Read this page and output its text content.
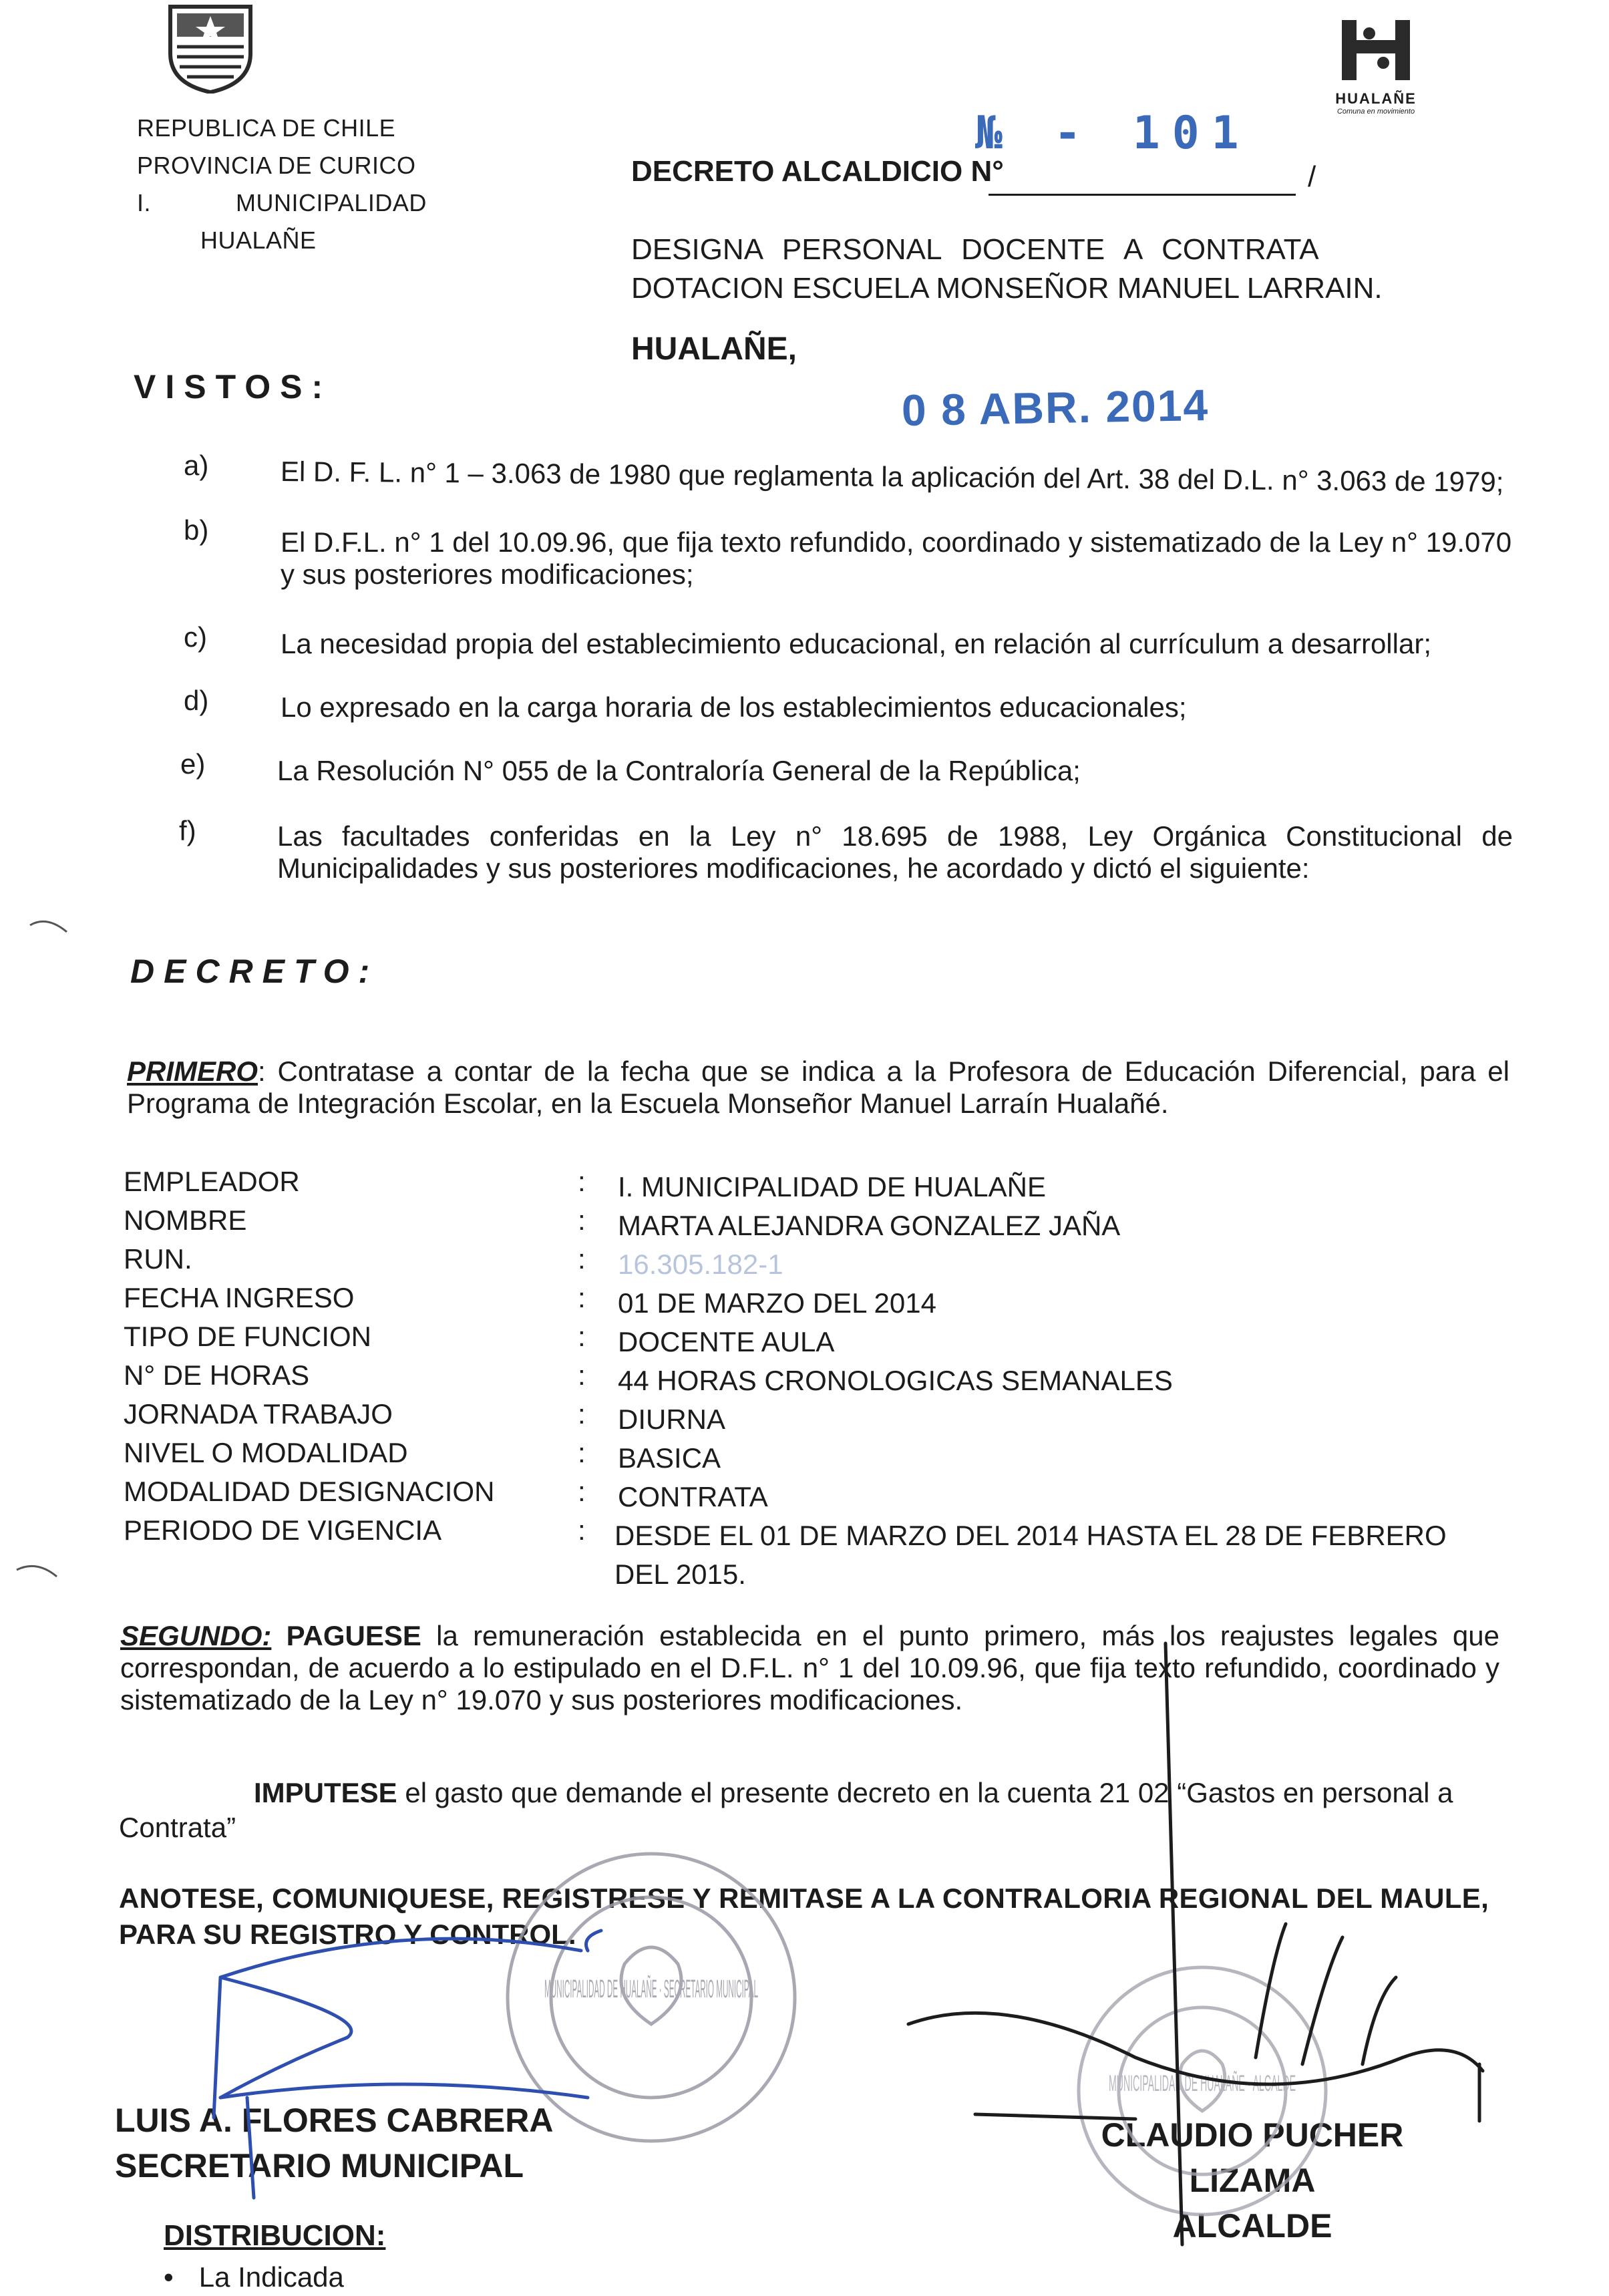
REPUBLICA DE CHILE
PROVINCIA DE CURICO
I.	MUNICIPALIDAD
HUALAÑE
HUALAÑE
Comuna en movimiento
№ - 101
DECRETO ALCALDICIO N°	/
DESIGNA PERSONAL DOCENTE A CONTRATA
DOTACION ESCUELA MONSEÑOR MANUEL LARRAIN.
HUALAÑE,
0 8 ABR. 2014
VISTOS:
a)	El D. F. L. n° 1 – 3.063 de 1980 que reglamenta la aplicación del Art. 38 del D.L. n° 3.063 de 1979;
b)	El D.F.L. n° 1 del 10.09.96, que fija texto refundido, coordinado y sistematizado de la Ley n° 19.070 y sus posteriores modificaciones;
c)	La necesidad propia del establecimiento educacional, en relación al currículum a desarrollar;
d)	Lo expresado en la carga horaria de los establecimientos educacionales;
e)	La Resolución N° 055 de la Contraloría General de la República;
f)	Las facultades conferidas en la Ley n° 18.695 de 1988, Ley Orgánica Constitucional de Municipalidades y sus posteriores modificaciones, he acordado y dictó el siguiente:
DECRETO:
PRIMERO: Contratase a contar de la fecha que se indica a la Profesora de Educación Diferencial, para el Programa de Integración Escolar, en la Escuela Monseñor Manuel Larraín Hualañé.
EMPLEADOR	: I. MUNICIPALIDAD DE HUALAÑE
NOMBRE	: MARTA ALEJANDRA GONZALEZ JAÑA
RUN.	: 16.305.182-1
FECHA INGRESO	: 01 DE MARZO DEL 2014
TIPO DE FUNCION	: DOCENTE AULA
N° DE HORAS	: 44 HORAS CRONOLOGICAS SEMANALES
JORNADA TRABAJO	: DIURNA
NIVEL O MODALIDAD	: BASICA
MODALIDAD DESIGNACION	: CONTRATA
PERIODO DE VIGENCIA	: DESDE EL 01 DE MARZO DEL 2014 HASTA EL 28 DE FEBRERO
DEL 2015.
SEGUNDO: PAGUESE la remuneración establecida en el punto primero, más los reajustes legales que correspondan, de acuerdo a lo estipulado en el D.F.L. n° 1 del 10.09.96, que fija texto refundido, coordinado y sistematizado de la Ley n° 19.070 y sus posteriores modificaciones.
IMPUTESE el gasto que demande el presente decreto en la cuenta 21 02 “Gastos en personal a
Contrata”
ANOTESE, COMUNIQUESE, REGISTRESE Y REMITASE A LA CONTRALORIA REGIONAL DEL MAULE,
PARA SU REGISTRO Y CONTROL.
LUIS A. FLORES CABRERA
SECRETARIO MUNICIPAL
CLAUDIO PUCHER LIZAMA
ALCALDE
MUNICIPALIDAD DE HUALAÑE · SECRETARIO MUNICIPAL
MUNICIPALIDAD DE HUALAÑE · ALCALDE
DISTRIBUCION:
• La Indicada
